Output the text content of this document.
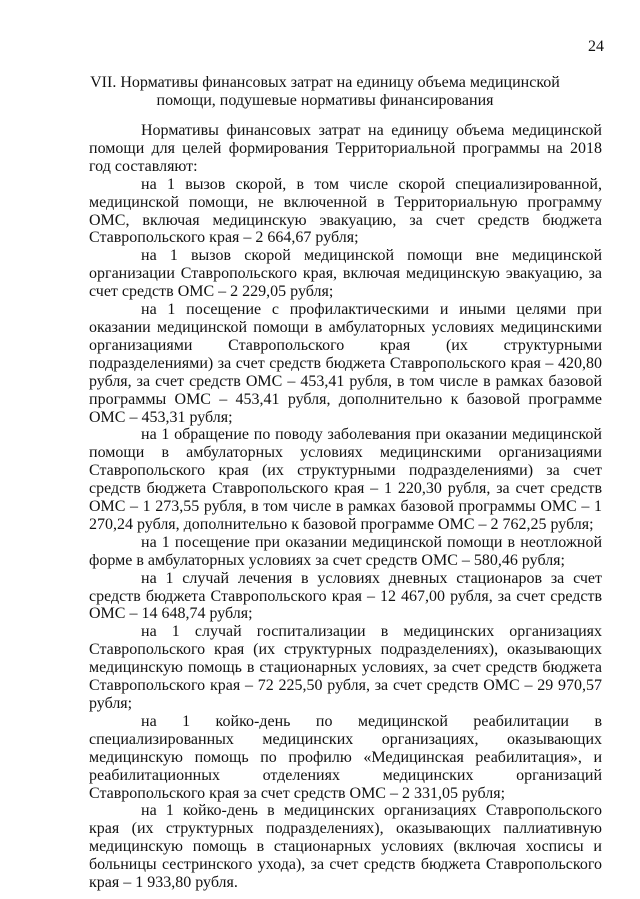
24
VII. Нормативы финансовых затрат на единицу объема медицинской
помощи, подушевые нормативы финансирования

Нормативы финансовых затрат на единицу объема медицинской помощи для целей формирования Территориальной программы на 2018 год составляют:

на 1 вызов скорой, в том числе скорой специализированной, медицинской помощи, не включенной в Территориальную программу ОМС, включая медицинскую эвакуацию, за счет средств бюджета Ставропольского края – 2 664,67 рубля;

на 1 вызов скорой медицинской помощи вне медицинской организации Ставропольского края, включая медицинскую эвакуацию, за счет средств ОМС – 2 229,05 рубля;

на 1 посещение с профилактическими и иными целями при оказании медицинской помощи в амбулаторных условиях медицинскими организациями Ставропольского края (их структурными подразделениями) за счет средств бюджета Ставропольского края – 420,80 рубля, за счет средств ОМС – 453,41 рубля, в том числе в рамках базовой программы ОМС – 453,41 рубля, дополнительно к базовой программе ОМС – 453,31 рубля;

на 1 обращение по поводу заболевания при оказании медицинской помощи в амбулаторных условиях медицинскими организациями Ставропольского края (их структурными подразделениями) за счет средств бюджета Ставропольского края – 1 220,30 рубля, за счет средств ОМС – 1 273,55 рубля, в том числе в рамках базовой программы ОМС – 1 270,24 рубля, дополнительно к базовой программе ОМС – 2 762,25 рубля;

на 1 посещение при оказании медицинской помощи в неотложной форме в амбулаторных условиях за счет средств ОМС – 580,46 рубля;

на 1 случай лечения в условиях дневных стационаров за счет средств бюджета Ставропольского края – 12 467,00 рубля, за счет средств ОМС – 14 648,74 рубля;

на 1 случай госпитализации в медицинских организациях Ставропольского края (их структурных подразделениях), оказывающих медицинскую помощь в стационарных условиях, за счет средств бюджета Ставропольского края – 72 225,50 рубля, за счет средств ОМС – 29 970,57 рубля;

на 1 койко-день по медицинской реабилитации в специализированных медицинских организациях, оказывающих медицинскую помощь по профилю «Медицинская реабилитация», и реабилитационных отделениях медицинских организаций Ставропольского края за счет средств ОМС – 2 331,05 рубля;

на 1 койко-день в медицинских организациях Ставропольского края (их структурных подразделениях), оказывающих паллиативную медицинскую помощь в стационарных условиях (включая хосписы и больницы сестринского ухода), за счет средств бюджета Ставропольского края – 1 933,80 рубля.
